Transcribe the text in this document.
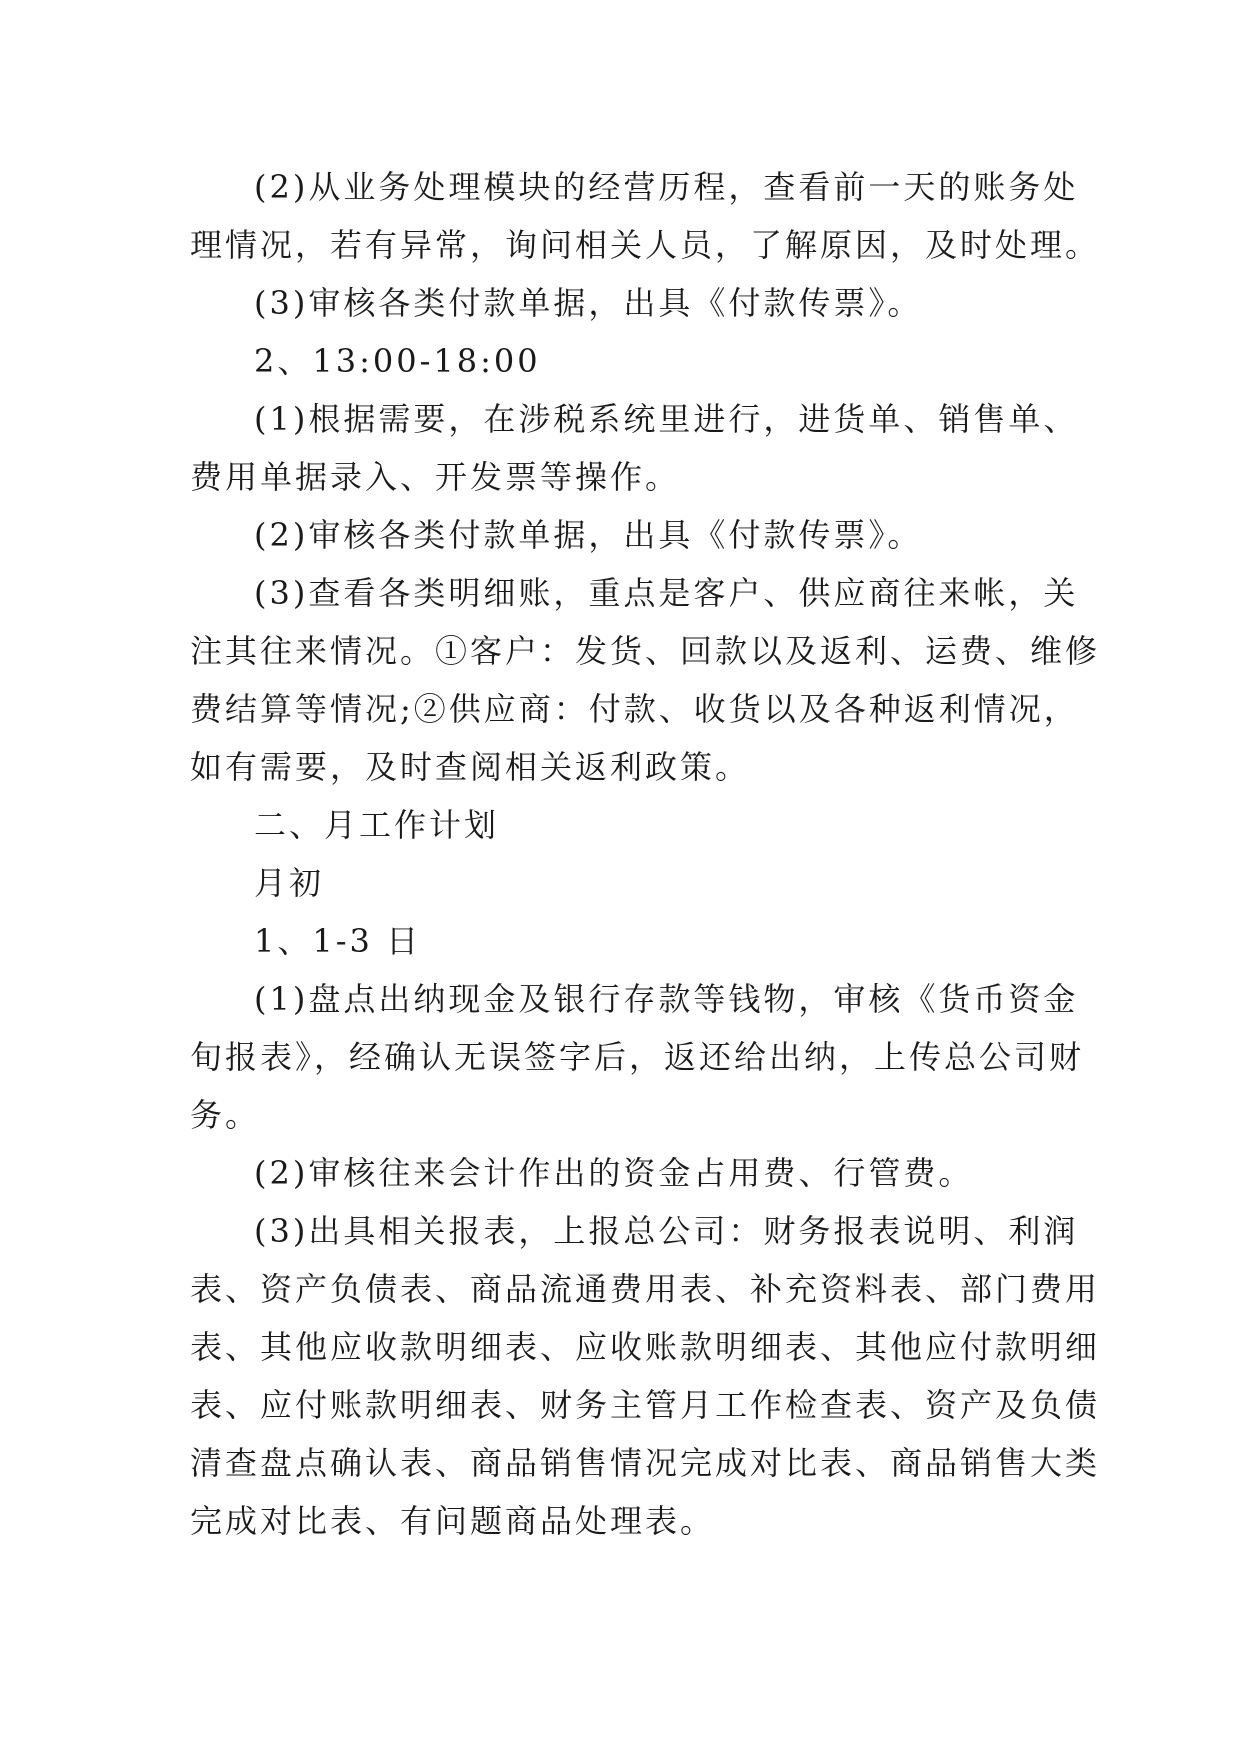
(2)从业务处理模块的经营历程，查看前一天的账务处
理情况，若有异常，询问相关人员，了解原因，及时处理。
(3)审核各类付款单据，出具《付款传票》。
2、13:00-18:00
(1)根据需要，在涉税系统里进行，进货单、销售单、
费用单据录入、开发票等操作。
(2)审核各类付款单据，出具《付款传票》。
(3)查看各类明细账，重点是客户、供应商往来帐，关
注其往来情况。①客户：发货、回款以及返利、运费、维修
费结算等情况;②供应商：付款、收货以及各种返利情况，
如有需要，及时查阅相关返利政策。
二、月工作计划
月初
1、1-3 日
(1)盘点出纳现金及银行存款等钱物，审核《货币资金
旬报表》，经确认无误签字后，返还给出纳，上传总公司财
务。
(2)审核往来会计作出的资金占用费、行管费。
(3)出具相关报表，上报总公司：财务报表说明、利润
表、资产负债表、商品流通费用表、补充资料表、部门费用
表、其他应收款明细表、应收账款明细表、其他应付款明细
表、应付账款明细表、财务主管月工作检查表、资产及负债
清查盘点确认表、商品销售情况完成对比表、商品销售大类
完成对比表、有问题商品处理表。
